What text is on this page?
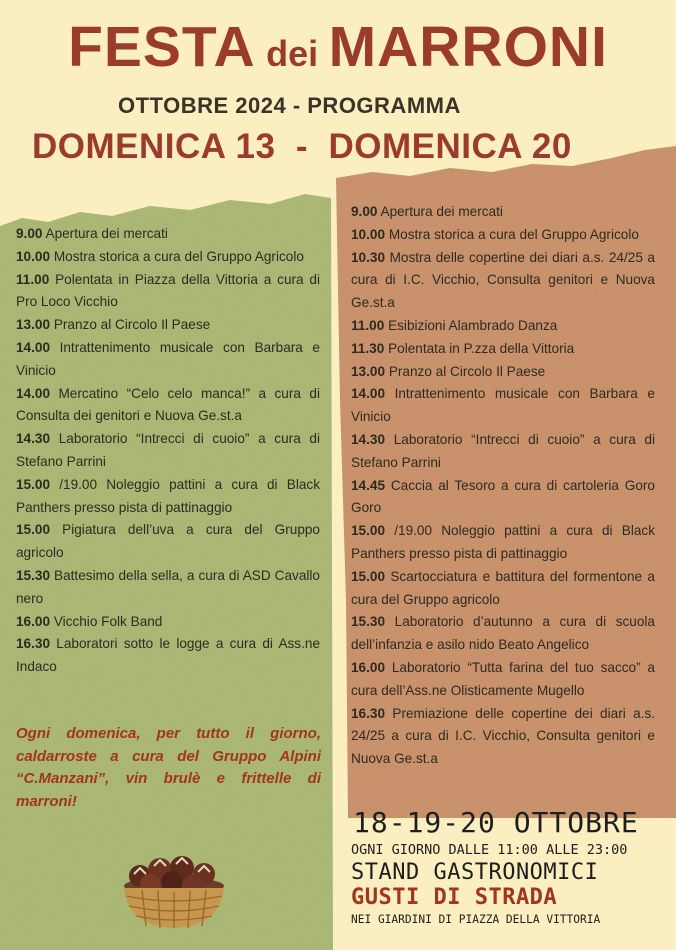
FESTA dei MARRONI
OTTOBRE 2024 - PROGRAMMA
DOMENICA 13  -  DOMENICA 20
9.00 Apertura dei mercati
10.00 Mostra storica a cura del Gruppo Agricolo
11.00 Polentata in Piazza della Vittoria a cura di Pro Loco Vicchio
13.00 Pranzo al Circolo Il Paese
14.00 Intrattenimento musicale con Barbara e Vinicio
14.00 Mercatino “Celo celo manca!” a cura di Consulta dei genitori e Nuova Ge.st.a
14.30 Laboratorio “Intrecci di cuoio” a cura di Stefano Parrini
15.00 /19.00 Noleggio pattini a cura di Black Panthers presso pista di pattinaggio
15.00 Pigiatura dell’uva a cura del Gruppo agricolo
15.30 Battesimo della sella, a cura di ASD Cavallo nero
16.00 Vicchio Folk Band
16.30 Laboratori sotto le logge a cura di Ass.ne Indaco
9.00 Apertura dei mercati
10.00 Mostra storica a cura del Gruppo Agricolo
10.30 Mostra delle copertine dei diari a.s. 24/25 a cura di I.C. Vicchio, Consulta genitori e Nuova Ge.st.a
11.00 Esibizioni Alambrado Danza
11.30 Polentata in P.zza della Vittoria
13.00 Pranzo al Circolo Il Paese
14.00 Intrattenimento musicale con Barbara e Vinicio
14.30 Laboratorio “Intrecci di cuoio” a cura di Stefano Parrini
14.45 Caccia al Tesoro a cura di cartoleria Goro Goro
15.00 /19.00 Noleggio pattini a cura di Black Panthers presso pista di pattinaggio
15.00 Scartocciatura e battitura del formentone a cura del Gruppo agricolo
15.30 Laboratorio d’autunno a cura di scuola dell’infanzia e asilo nido Beato Angelico
16.00 Laboratorio “Tutta farina del tuo sacco” a cura dell’Ass.ne Olisticamente Mugello
16.30 Premiazione delle copertine dei diari a.s. 24/25 a cura di I.C. Vicchio, Consulta genitori e Nuova Ge.st.a
Ogni domenica, per tutto il giorno, caldarroste a cura del Gruppo Alpini “C.Manzani”, vin brulè e frittelle di marroni!
18-19-20 OTTOBRE
OGNI GIORNO DALLE 11:00 ALLE 23:00
STAND GASTRONOMICI
GUSTI DI STRADA
NEI GIARDINI DI PIAZZA DELLA VITTORIA
